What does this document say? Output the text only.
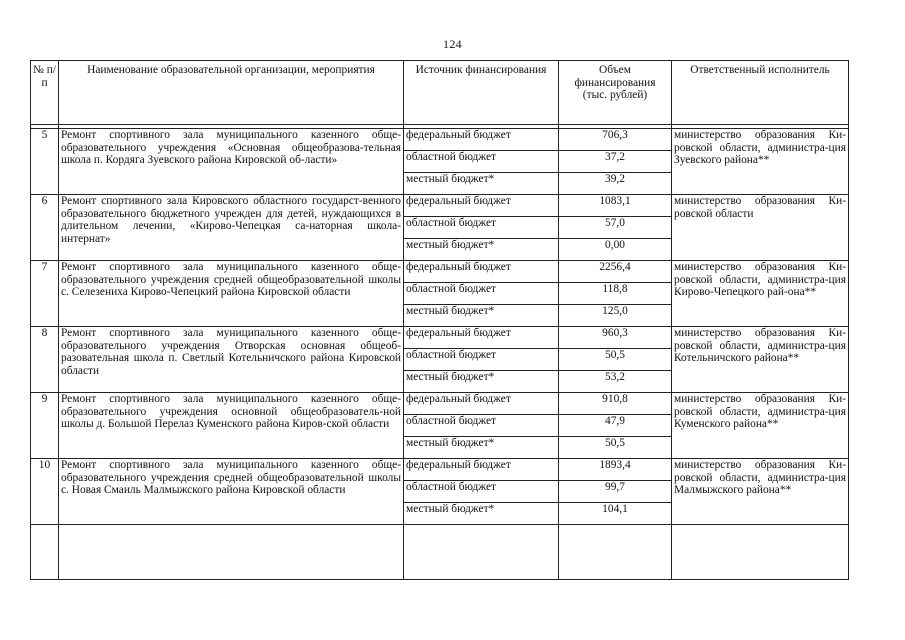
124
№ п/п	Наименование образовательной организации, мероприятия	Источник финансирования	Объем финансирования (тыс. рублей)	Ответственный исполнитель

5	Ремонт спортивного зала муниципального казенного обще-образовательного учреждения «Основная общеобразова-тельная школа п. Кордяга Зуевского района Кировской об-ласти»	федеральный бюджет	706,3	министерство образования Ки-ровской области, администра-ция Зуевского района**
		областной бюджет	37,2	
		местный бюджет*	39,2	
6	Ремонт спортивного зала Кировского областного государст-венного образовательного бюджетного учрежден для детей, нуждающихся в длительном лечении, «Кирово-Чепецкая са-наторная школа-интернат»	федеральный бюджет	1083,1	министерство образования Ки-ровской области
		областной бюджет	57,0	
		местный бюджет*	0,00	
7	Ремонт спортивного зала муниципального казенного обще-образовательного учреждения средней общеобразовательной школы с. Селезениха Кирово-Чепецкий района Кировской области	федеральный бюджет	2256,4	министерство образования Ки-ровской области, администра-ция Кирово-Чепецкого рай-она**
		областной бюджет	118,8	
		местный бюджет*	125,0	
8	Ремонт спортивного зала муниципального казенного обще-образовательного учреждения Отворская основная общеоб-разовательная школа п. Светлый Котельничского района Кировской области	федеральный бюджет	960,3	министерство образования Ки-ровской области, администра-ция Котельничского района**
		областной бюджет	50,5	
		местный бюджет*	53,2	
9	Ремонт спортивного зала муниципального казенного обще-образовательного учреждения основной общеобразователь-ной школы д. Большой Перелаз Куменского района Киров-ской области	федеральный бюджет	910,8	министерство образования Ки-ровской области, администра-ция Куменского района**
		областной бюджет	47,9	
		местный бюджет*	50,5	
10	Ремонт спортивного зала муниципального казенного обще-образовательного учреждения средней общеобразовательной школы с. Новая Смаиль Малмыжского района Кировской области	федеральный бюджет	1893,4	министерство образования Ки-ровской области, администра-ция Малмыжского района**
		областной бюджет	99,7	
		местный бюджет*	104,1	
